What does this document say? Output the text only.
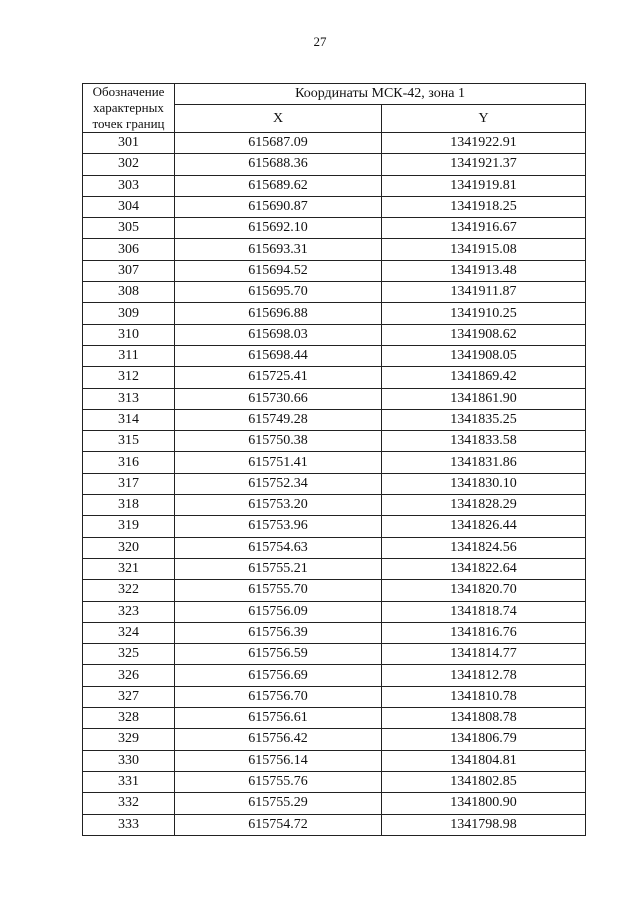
27
Обозначение характерных точек границ	Координаты МСК-42, зона 1	
	X	Y
301	615687.09	1341922.91
302	615688.36	1341921.37
303	615689.62	1341919.81
304	615690.87	1341918.25
305	615692.10	1341916.67
306	615693.31	1341915.08
307	615694.52	1341913.48
308	615695.70	1341911.87
309	615696.88	1341910.25
310	615698.03	1341908.62
311	615698.44	1341908.05
312	615725.41	1341869.42
313	615730.66	1341861.90
314	615749.28	1341835.25
315	615750.38	1341833.58
316	615751.41	1341831.86
317	615752.34	1341830.10
318	615753.20	1341828.29
319	615753.96	1341826.44
320	615754.63	1341824.56
321	615755.21	1341822.64
322	615755.70	1341820.70
323	615756.09	1341818.74
324	615756.39	1341816.76
325	615756.59	1341814.77
326	615756.69	1341812.78
327	615756.70	1341810.78
328	615756.61	1341808.78
329	615756.42	1341806.79
330	615756.14	1341804.81
331	615755.76	1341802.85
332	615755.29	1341800.90
333	615754.72	1341798.98
